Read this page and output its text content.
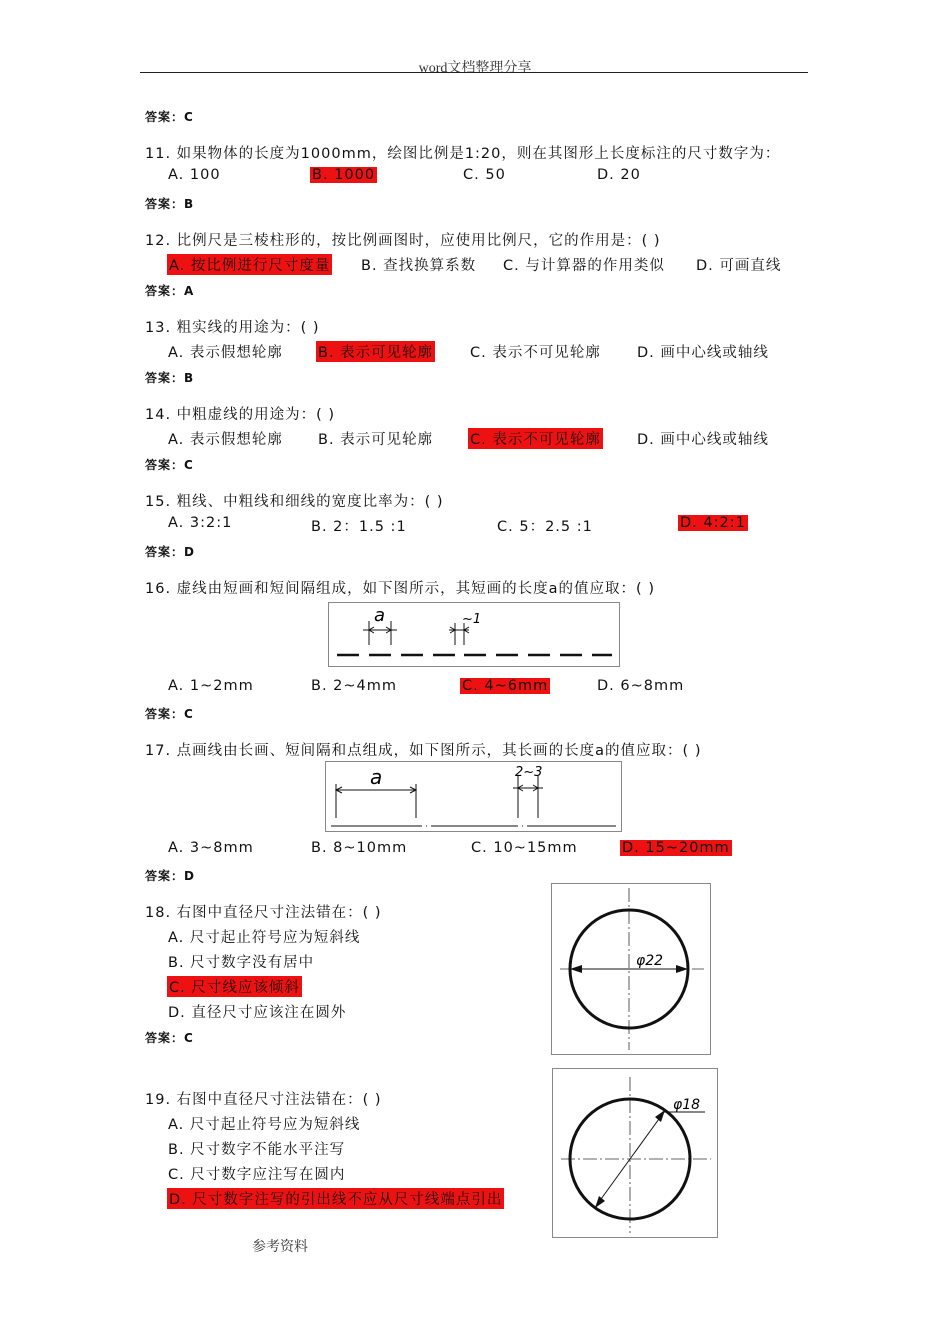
word文档整理分享
答案：C
11. 如果物体的长度为1000mm，绘图比例是1:20，则在其图形上长度标注的尺寸数字为：
A. 100	B. 1000	C. 50	D. 20
答案：B
12. 比例尺是三棱柱形的，按比例画图时，应使用比例尺，它的作用是：( )
A. 按比例进行尺寸度量 B. 查找换算系数 C. 与计算器的作用类似 D. 可画直线
答案：A
13. 粗实线的用途为：( )
A. 表示假想轮廓 B. 表示可见轮廓	C. 表示不可见轮廓 D. 画中心线或轴线
答案：B
14. 中粗虚线的用途为：( )
A. 表示假想轮廓 B. 表示可见轮廓	C. 表示不可见轮廓 D. 画中心线或轴线
答案：C
15. 粗线、中粗线和细线的宽度比率为：( )
A. 3:2:1	B. 2：1.5 :1	C. 5：2.5 :1	D. 4:2:1
答案：D
16. 虚线由短画和短间隔组成，如下图所示，其短画的长度a的值应取：( )
a	~1
A. 1~2mm	B. 2~4mm	C. 4~6mm	D. 6~8mm
答案：C
17. 点画线由长画、短间隔和点组成，如下图所示，其长画的长度a的值应取：( )
a	2~3
A. 3~8mm	B. 8~10mm	C. 10~15mm	D. 15~20mm
答案：D
18. 右图中直径尺寸注法错在：( )
A. 尺寸起止符号应为短斜线
B. 尺寸数字没有居中
C. 尺寸线应该倾斜
D. 直径尺寸应该注在圆外
答案：C
φ22
19. 右图中直径尺寸注法错在：( )
A. 尺寸起止符号应为短斜线
B. 尺寸数字不能水平注写
C. 尺寸数字应注写在圆内
D. 尺寸数字注写的引出线不应从尺寸线端点引出
φ18
参考资料
